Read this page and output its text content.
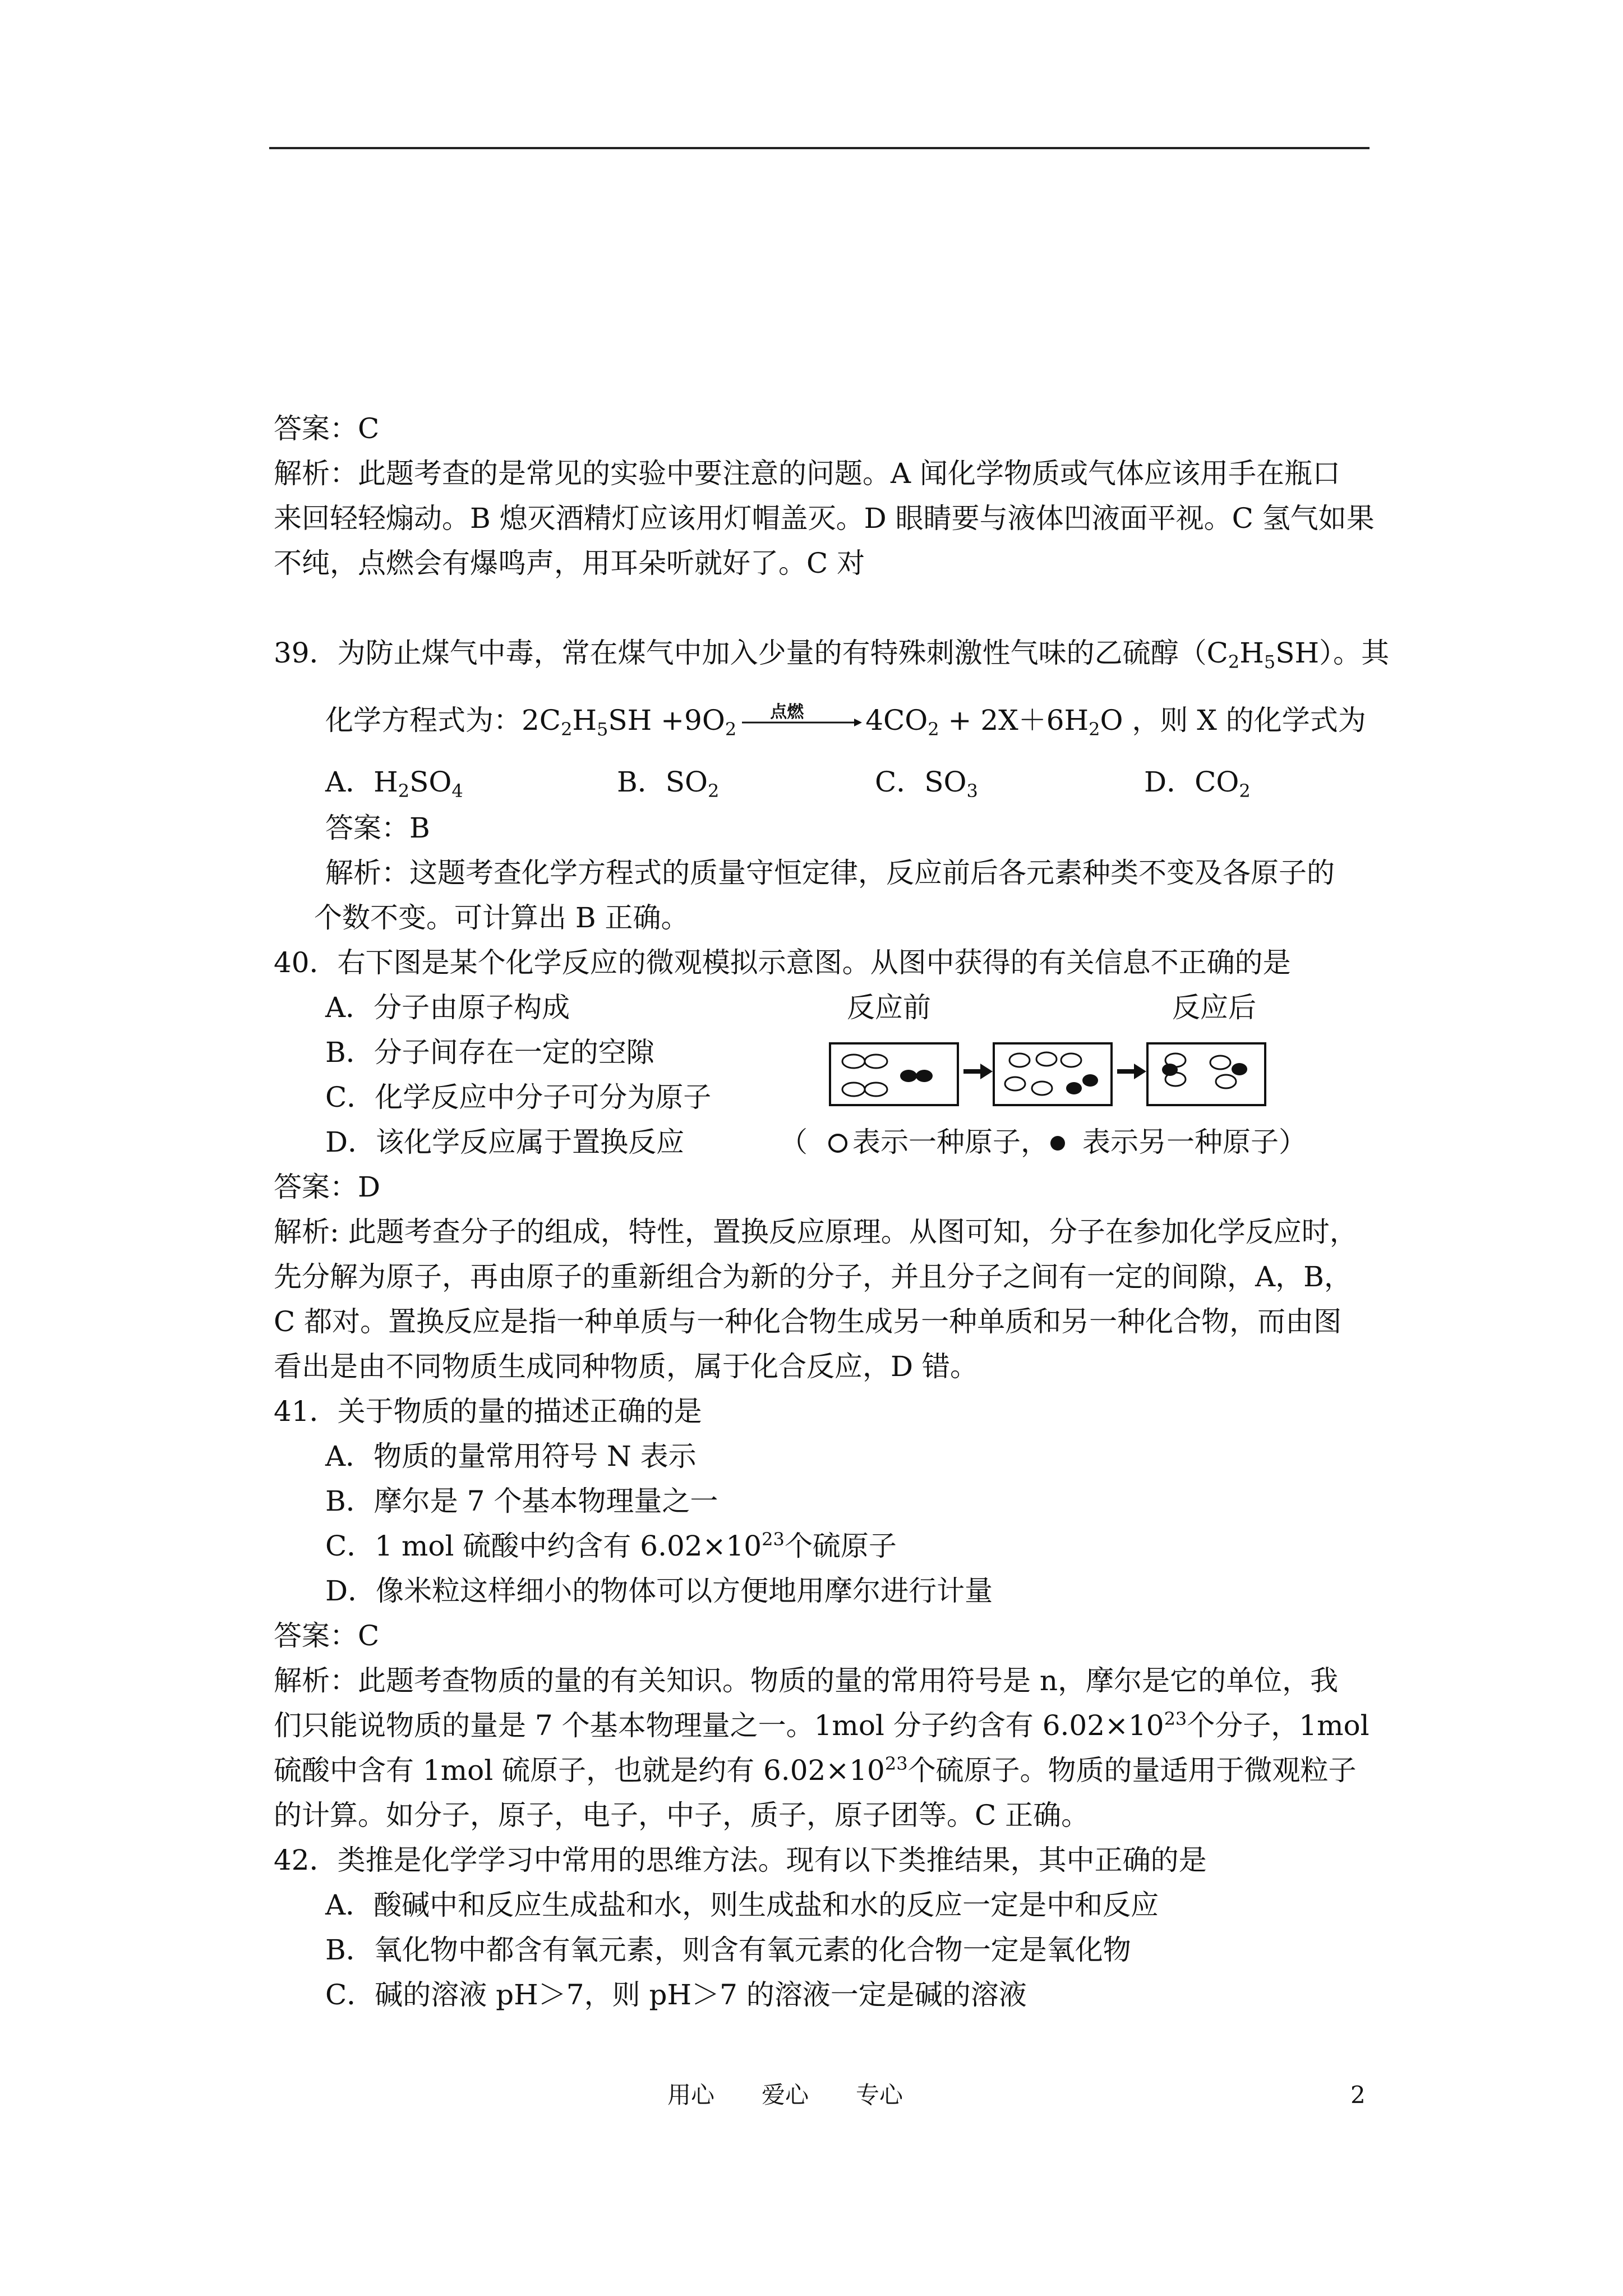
答案：C
解析：此题考查的是常见的实验中要注意的问题。A 闻化学物质或气体应该用手在瓶口
来回轻轻煽动。B 熄灭酒精灯应该用灯帽盖灭。D 眼睛要与液体凹液面平视。C 氢气如果
不纯，点燃会有爆鸣声，用耳朵听就好了。C 对
39．为防止煤气中毒，常在煤气中加入少量的有特殊刺激性气味的乙硫醇$(C_2H_5SH)$。其
化学方程式为：$2C_2H_5SH +9O_2$
点燃 $4CO_2 + 2X+6H_2O$ ，则 X 的化学式为
A．$H_2SO_4$	B．$SO_2$	C．$SO_3$	D．$CO_2$
答案：B
解析：这题考查化学方程式的质量守恒定律，反应前后各元素种类不变及各原子的
个数不变。可计算出 B 正确。
40．右下图是某个化学反应的微观模拟示意图。从图中获得的有关信息不正确的是
A．分子由原子构成
B．分子间存在一定的空隙
C．化学反应中分子可分为原子
D．该化学反应属于置换反应
反应前	反应后
（ 表示一种原子， 表示另一种原子）
答案：D
解析: 此题考查分子的组成，特性，置换反应原理。从图可知，分子在参加化学反应时，
先分解为原子，再由原子的重新组合为新的分子，并且分子之间有一定的间隙，A，B，
C 都对。置换反应是指一种单质与一种化合物生成另一种单质和另一种化合物，而由图
看出是由不同物质生成同种物质，属于化合反应，D 错。
41．关于物质的量的描述正确的是
A．物质的量常用符号 N 表示
B．摩尔是 7 个基本物理量之一
C．1 mol 硫酸中约含有 $6.02\times 10^{23}$个硫原子
D．像米粒这样细小的物体可以方便地用摩尔进行计量
答案：C
解析：此题考查物质的量的有关知识。物质的量的常用符号是 n，摩尔是它的单位，我
们只能说物质的量是 7 个基本物理量之一。1mol 分子约含有 $6.02\times 10^{23}$个分子，1mol
硫酸中含有 1mol 硫原子，也就是约有 $6.02\times 10^{23}$个硫原子。物质的量适用于微观粒子
的计算。如分子，原子，电子，中子，质子，原子团等。C 正确。
42．类推是化学学习中常用的思维方法。现有以下类推结果，其中正确的是
A．酸碱中和反应生成盐和水，则生成盐和水的反应一定是中和反应
B．氧化物中都含有氧元素，则含有氧元素的化合物一定是氧化物
C．碱的溶液 pH＞7，则 pH＞7 的溶液一定是碱的溶液
用心　　爱心　　专心	2
